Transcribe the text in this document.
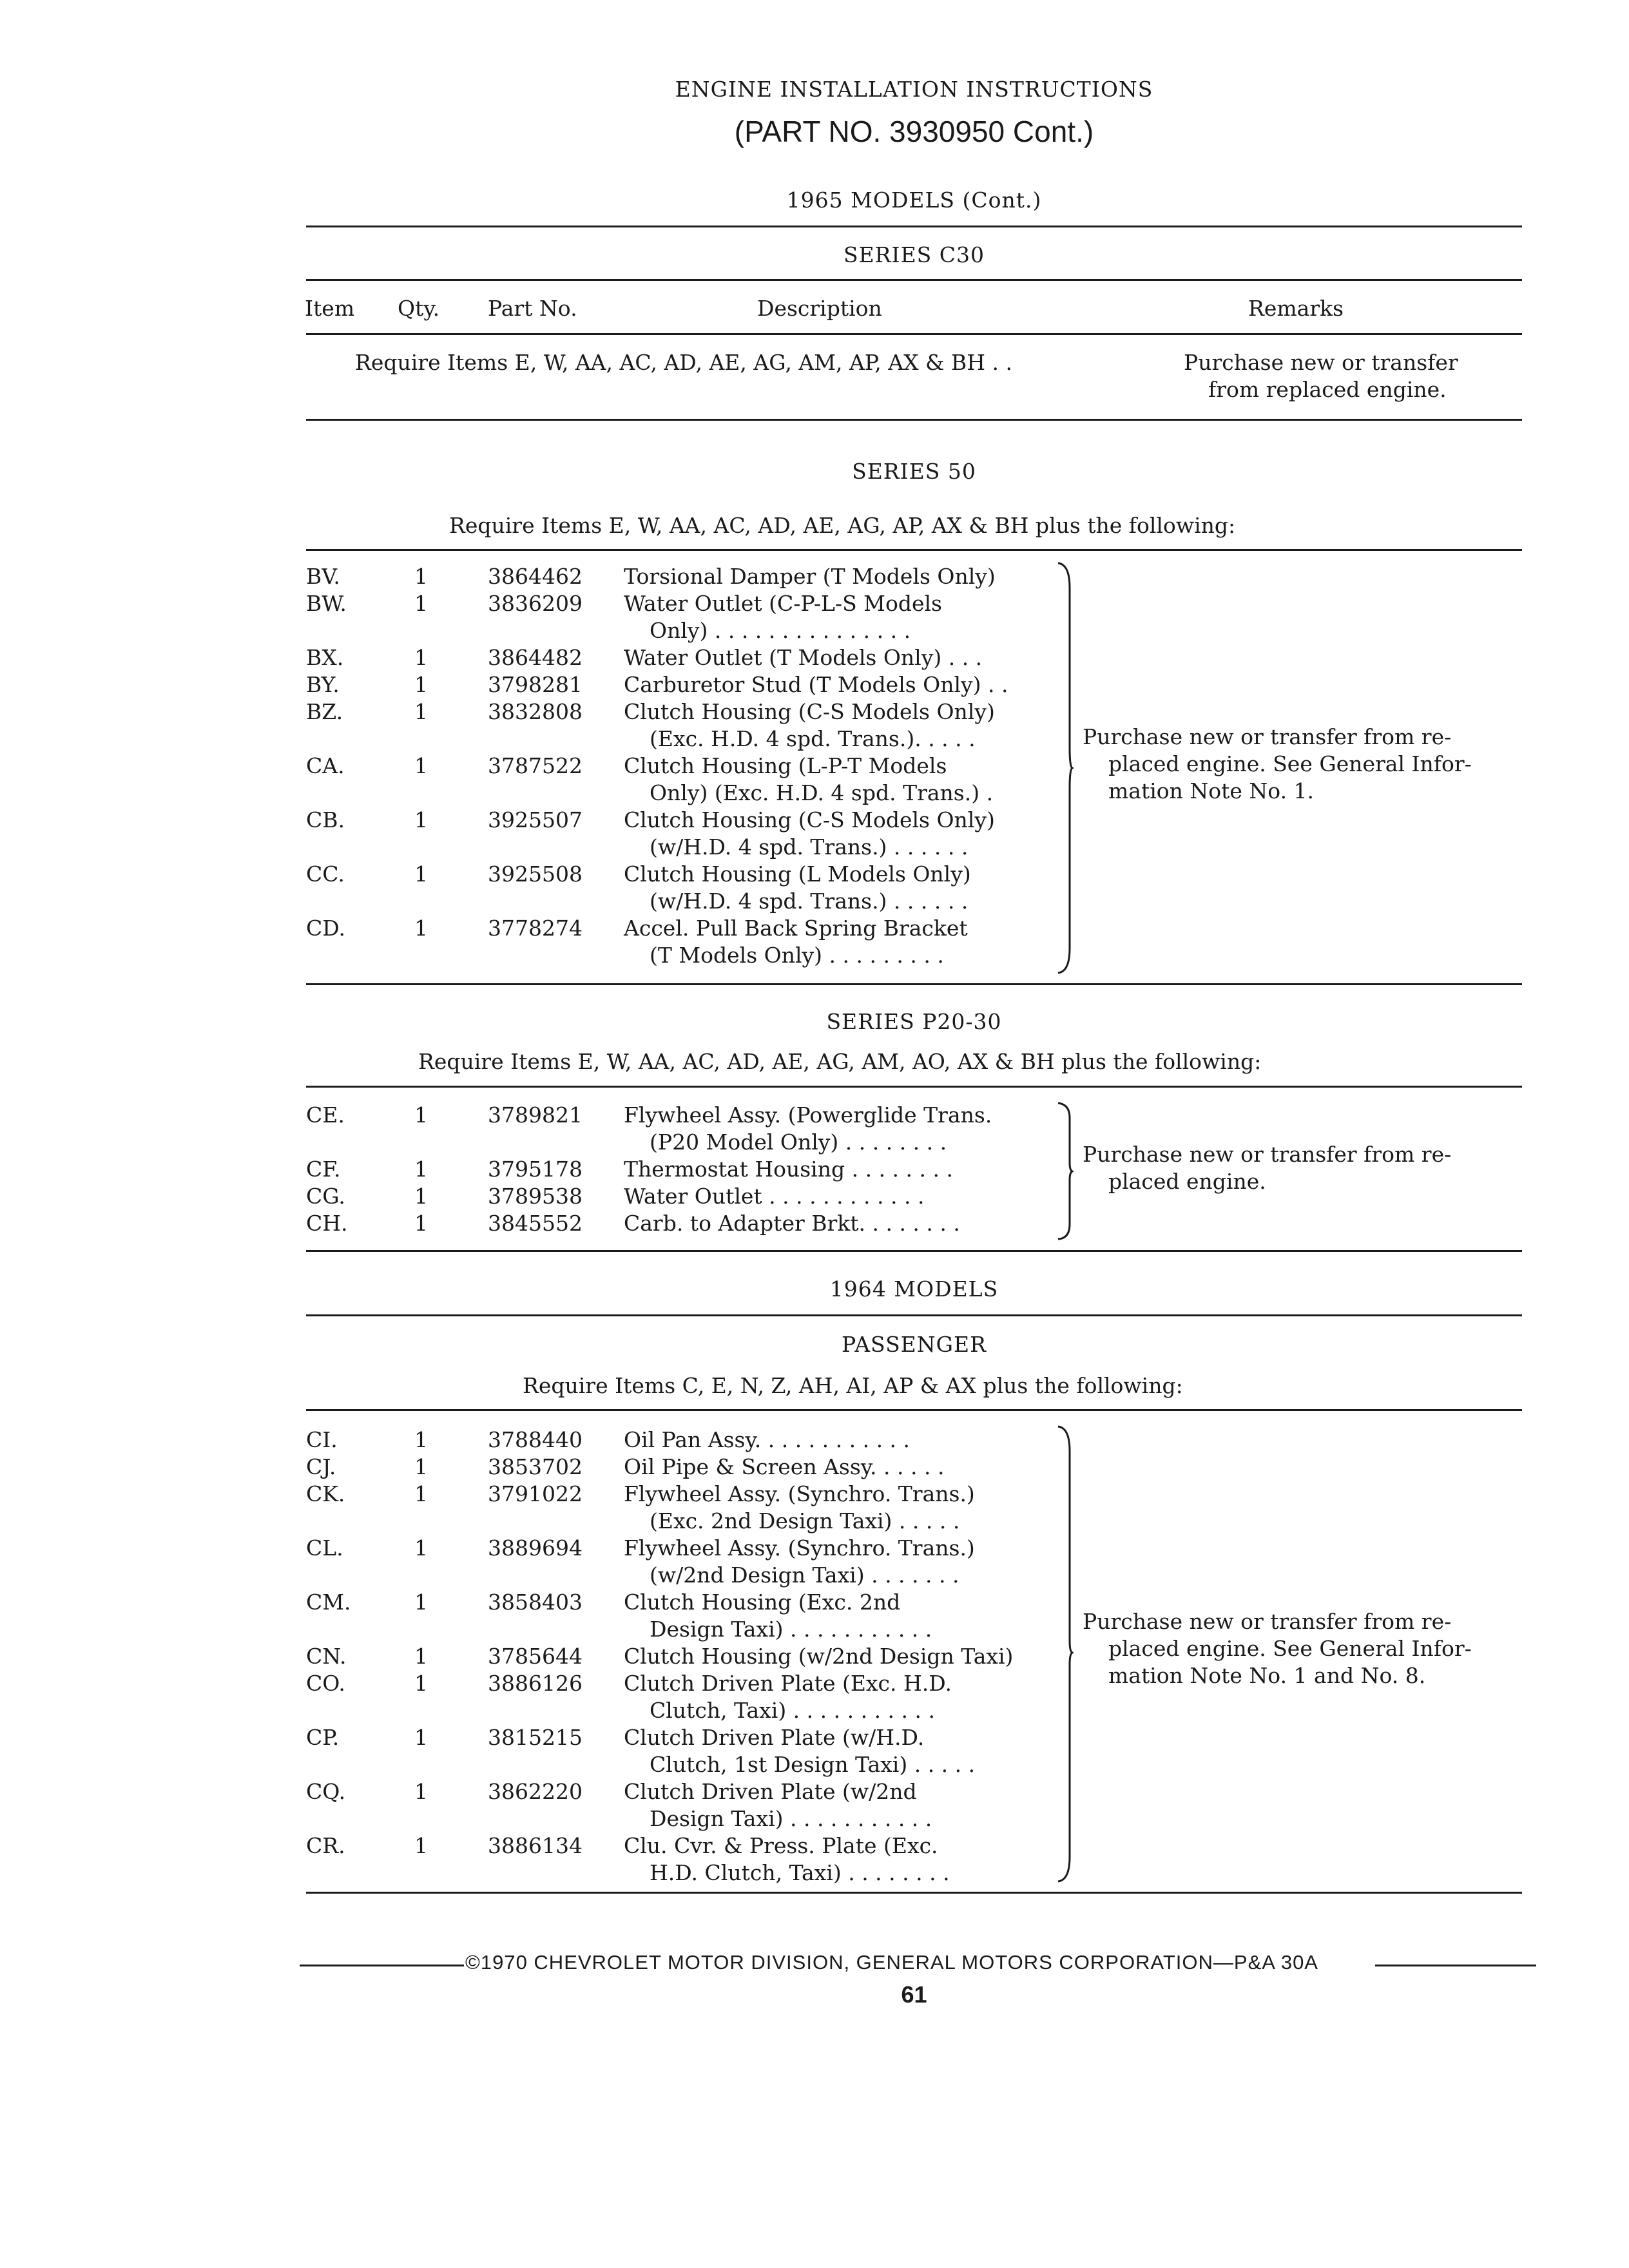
ENGINE INSTALLATION INSTRUCTIONS
(PART NO. 3930950 Cont.)
1965 MODELS (Cont.)
SERIES C30
Item Qty. Part No.	Description	Remarks
Require Items E, W, AA, AC, AD, AE, AG, AM, AP, AX & BH . .	Purchase new or transfer
from replaced engine.
SERIES 50
Require Items E, W, AA, AC, AD, AE, AG, AP, AX & BH plus the following:
BV.	1	3864462 Torsional Damper (T Models Only)
BW.	1	3836209 Water Outlet (C-P-L-S Models
Only) . . . . . . . . . . . . . . .
BX.	1	3864482 Water Outlet (T Models Only) . . .
BY.	1	3798281 Carburetor Stud (T Models Only) . .
BZ.	1	3832808 Clutch Housing (C-S Models Only)
(Exc. H.D. 4 spd. Trans.). . . . .
CA.	1	3787522 Clutch Housing (L-P-T Models
Only) (Exc. H.D. 4 spd. Trans.) .
CB.	1	3925507 Clutch Housing (C-S Models Only)
(w/H.D. 4 spd. Trans.) . . . . . .
CC.	1	3925508 Clutch Housing (L Models Only)
(w/H.D. 4 spd. Trans.) . . . . . .
CD.	1	3778274 Accel. Pull Back Spring Bracket
(T Models Only) . . . . . . . . .
Purchase new or transfer from re-
placed engine. See General Infor-
mation Note No. 1.
SERIES P20-30
Require Items E, W, AA, AC, AD, AE, AG, AM, AO, AX & BH plus the following:
CE.	1	3789821 Flywheel Assy. (Powerglide Trans.
(P20 Model Only) . . . . . . . .
CF.	1	3795178 Thermostat Housing . . . . . . . .
CG.	1	3789538 Water Outlet . . . . . . . . . . . .
CH.	1	3845552 Carb. to Adapter Brkt. . . . . . . .
Purchase new or transfer from re-
placed engine.
1964 MODELS
PASSENGER
Require Items C, E, N, Z, AH, AI, AP & AX plus the following:
CI.	1	3788440 Oil Pan Assy. . . . . . . . . . . .
CJ.	1	3853702 Oil Pipe & Screen Assy. . . . . .
CK.	1	3791022 Flywheel Assy. (Synchro. Trans.)
(Exc. 2nd Design Taxi) . . . . .
CL.	1	3889694 Flywheel Assy. (Synchro. Trans.)
(w/2nd Design Taxi) . . . . . . .
CM.	1	3858403 Clutch Housing (Exc. 2nd
Design Taxi) . . . . . . . . . . .
CN.	1	3785644 Clutch Housing (w/2nd Design Taxi)
CO.	1	3886126 Clutch Driven Plate (Exc. H.D.
Clutch, Taxi) . . . . . . . . . . .
CP.	1	3815215 Clutch Driven Plate (w/H.D.
Clutch, 1st Design Taxi) . . . . .
CQ.	1	3862220 Clutch Driven Plate (w/2nd
Design Taxi) . . . . . . . . . . .
CR.	1	3886134 Clu. Cvr. & Press. Plate (Exc.
H.D. Clutch, Taxi) . . . . . . . .
Purchase new or transfer from re-
placed engine. See General Infor-
mation Note No. 1 and No. 8.
©1970 CHEVROLET MOTOR DIVISION, GENERAL MOTORS CORPORATION—P&A 30A
61
